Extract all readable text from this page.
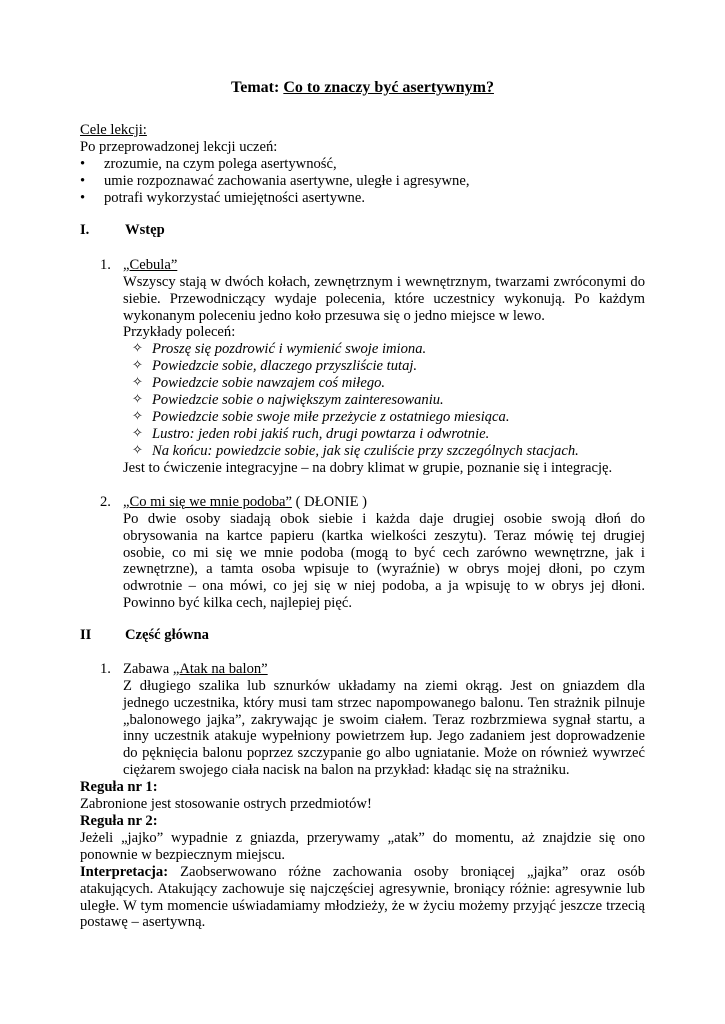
Temat: Co to znaczy być asertywnym?
Cele lekcji:
Po przeprowadzonej lekcji uczeń:
• zrozumie, na czym polega asertywność,
• umie rozpoznawać zachowania asertywne, uległe i agresywne,
• potrafi wykorzystać umiejętności asertywne.
I. Wstęp
1. „Cebula”
Wszyscy stają w dwóch kołach, zewnętrznym i wewnętrznym, twarzami zwróconymi do
siebie. Przewodniczący wydaje polecenia, które uczestnicy wykonują. Po każdym
wykonanym poleceniu jedno koło przesuwa się o jedno miejsce w lewo.
Przykłady poleceń:
✧ Proszę się pozdrowić i wymienić swoje imiona.
✧ Powiedzcie sobie, dlaczego przyszliście tutaj.
✧ Powiedzcie sobie nawzajem coś miłego.
✧ Powiedzcie sobie o największym zainteresowaniu.
✧ Powiedzcie sobie swoje miłe przeżycie z ostatniego miesiąca.
✧ Lustro: jeden robi jakiś ruch, drugi powtarza i odwrotnie.
✧ Na końcu: powiedzcie sobie, jak się czuliście przy szczególnych stacjach.
Jest to ćwiczenie integracyjne – na dobry klimat w grupie, poznanie się i integrację.
2. „Co mi się we mnie podoba” ( DŁONIE )
Po dwie osoby siadają obok siebie i każda daje drugiej osobie swoją dłoń do
obrysowania na kartce papieru (kartka wielkości zeszytu). Teraz mówię tej drugiej
osobie, co mi się we mnie podoba (mogą to być cech zarówno wewnętrzne, jak i
zewnętrzne), a tamta osoba wpisuje to (wyraźnie) w obrys mojej dłoni, po czym
odwrotnie – ona mówi, co jej się w niej podoba, a ja wpisuję to w obrys jej dłoni.
Powinno być kilka cech, najlepiej pięć.
II Część główna
1. Zabawa „Atak na balon”
Z długiego szalika lub sznurków układamy na ziemi okrąg. Jest on gniazdem dla
jednego uczestnika, który musi tam strzec napompowanego balonu. Ten strażnik pilnuje
„balonowego jajka”, zakrywając je swoim ciałem. Teraz rozbrzmiewa sygnał startu, a
inny uczestnik atakuje wypełniony powietrzem łup. Jego zadaniem jest doprowadzenie
do pęknięcia balonu poprzez szczypanie go albo ugniatanie. Może on również wywrzeć
ciężarem swojego ciała nacisk na balon na przykład: kładąc się na strażniku.
Reguła nr 1:
Zabronione jest stosowanie ostrych przedmiotów!
Reguła nr 2:
Jeżeli „jajko” wypadnie z gniazda, przerywamy „atak” do momentu, aż znajdzie się ono
ponownie w bezpiecznym miejscu.
Interpretacja: Zaobserwowano różne zachowania osoby broniącej „jajka” oraz osób
atakujących. Atakujący zachowuje się najczęściej agresywnie, broniący różnie: agresywnie lub
uległe. W tym momencie uświadamiamy młodzieży, że w życiu możemy przyjąć jeszcze trzecią
postawę – asertywną.
